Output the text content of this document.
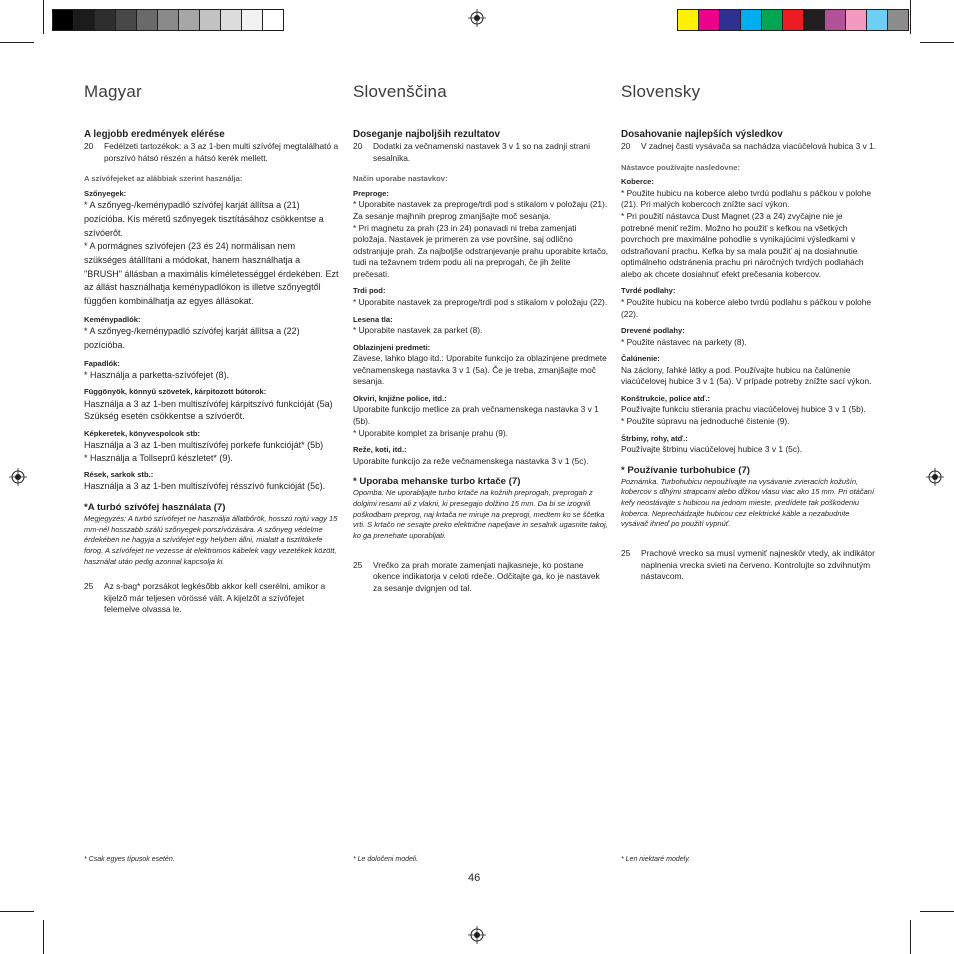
Magyar

A legjobb eredmények elérése

20	Fedélzeti tartozékok: a 3 az 1-ben multi szívófej megtalálható a porszívó hátsó részén a hátsó kerék mellett.

A szívófejeket az alábbiak szerint használja:

Szőnyegek:

* A szőnyeg-/keménypadló szívófej karját állítsa a (21) pozícióba. Kis méretű szőnyegek tisztításához csökkentse a szívóerőt.

* A pormágnes szívófejen (23 és 24) normálisan nem szükséges átállítani a módokat, hanem használhatja a "BRUSH" állásban a maximális kíméletességgel érdekében. Ezt az állást használhatja keménypadlókon is illetve szőnyegtől függően kombinálhatja az egyes állásokat.

Keménypadlók:

* A szőnyeg-/keménypadló szívófej karját állítsa a (22) pozícióba.

Fapadlók:

* Használja a parketta-szívófejet (8).

Függönyök, könnyű szövetek, kárpitozott bútorok:

Használja a 3 az 1-ben multiszívófej kárpitszívó funkcióját (5a)

Szükség esetén csökkentse a szívóerőt.

Képkeretek, könyvespolcok stb:

Használja a 3 az 1-ben multiszívófej porkefe funkcióját* (5b)

* Használja a Tollseprű készletet* (9).

Rések, sarkok stb.:

Használja a 3 az 1-ben multiszívófej résszívó funkcióját (5c).

*A turbó szívófej használata (7)

Megjegyzés: A turbó szívófejet ne használja állatbőrök, hosszú rojtú vagy 15 mm-nél hosszabb szálú szőnyegek porszívózására. A szőnyeg védelme érdekében ne hagyja a szívófejet egy helyben állni, mialatt a tisztítókefe forog. A szívófejet ne vezesse át elektromos kábelek vagy vezetékek között, használat után pedig azonnal kapcsolja ki.

25	Az s-bag* porzsákot legkésőbb akkor kell cserélni, amikor a kijelző már teljesen vörössé vált. A kijelzőt a szívófejet felemelve olvassa le.
Slovenščina

Doseganje najboljših rezultatov

20	Dodatki za večnamenski nastavek 3 v 1 so na zadnji strani sesalnika.

Način uporabe nastavkov:

Preproge:

* Uporabite nastavek za preproge/trdi pod s stikalom v položaju (21). Za sesanje majhnih preprog zmanjšajte moč sesanja.

* Pri magnetu za prah (23 in 24) ponavadi ni treba zamenjati položaja. Nastavek je primeren za vse površine, saj odlično odstranjuje prah. Za najboljše odstranjevanje prahu uporabite krtačo, tudi na težavnem trdem podu ali na preprogah, če jih želite prečesati.

Trdi pod:

* Uporabite nastavek za preproge/trdi pod s stikalom v položaju (22).

Lesena tla:

* Uporabite nastavek za parket (8).

Oblazinjeni predmeti:

Zavese, lahko blago itd.: Uporabite funkcijo za oblazinjene predmete večnamenskega nastavka 3 v 1 (5a). Če je treba, zmanjšajte moč sesanja.

Okviri, knjižne police, itd.:

Uporabite funkcijo metlice za prah večnamenskega nastavka 3 v 1 (5b).

* Uporabite komplet za brisanje prahu (9).

Reže, koti, itd.:

Uporabite funkcijo za reže večnamenskega nastavka 3 v 1 (5c).

* Uporaba mehanske turbo krtače (7)

Opomba: Ne uporabljajte turbo krtače na kožnih preprogah, preprogah z dolgimi resami ali z vlakni, ki presegajo dolžino 15 mm. Da bi se izognili poškodbam preprog, naj krtača ne miruje na preprogi, medtem ko se ščetka vrti. S krtačo ne sesajte preko električne napeljave in sesalnik ugasnite takoj, ko ga prenehate uporabljati.

25	Vrečko za prah morate zamenjati najkasneje, ko postane okence indikatorja v celoti rdeče. Odčitajte ga, ko je nastavek za sesanje dvignjen od tal.
Slovensky

Dosahovanie najlepších výsledkov

20	V zadnej časti vysávača sa nachádza viacúčelová hubica 3 v 1.

Nástavce používajte nasledovne:

Koberce:

* Použite hubicu na koberce alebo tvrdú podlahu s páčkou v polohe (21). Pri malých kobercoch znížte sací výkon.

* Pri použití nástavca Dust Magnet (23 a 24) zvyčajne nie je potrebné meniť režim. Možno ho použiť s kefkou na všetkých povrchoch pre maximálne pohodlie s vynikajúcimi výsledkami v odstraňovaní prachu. Kefka by sa mala použiť aj na dosiahnutie optimálneho odstránenia prachu pri náročných tvrdých podlahách alebo ak chcete dosiahnuť efekt prečesania kobercov.

Tvrdé podlahy:

* Použite hubicu na koberce alebo tvrdú podlahu s páčkou v polohe (22).

Drevené podlahy:

* Použite nástavec na parkety (8).

Čalúnenie:

Na záclony, ľahké látky a pod. Používajte hubicu na čalúnenie viacúčelovej hubice 3 v 1 (5a). V prípade potreby znížte sací výkon.

Konštrukcie, police atď.:

Používajte funkciu stierania prachu viacúčelovej hubice 3 v 1 (5b).

* Použite súpravu na jednoduché čistenie (9).

Štrbiny, rohy, atď.:

Používajte štrbinu viacúčelovej hubice 3 v 1 (5c).

* Používanie turbohubice (7)

Poznámka. Turbohubicu nepoužívajte na vysávanie zvieracích kožušín, kobercov s dlhými strapcami alebo dĺžkou vlasu viac ako 15 mm. Pri otáčaní kefy neostávajte s hubicou na jednom mieste, predídete tak poškodeniu koberca. Neprechádzajte hubicou cez elektrické káble a nezabudnite vysávač ihneď po použití vypnúť.

25	Prachové vrecko sa musí vymeniť najneskôr vtedy, ak indikátor naplnenia vrecka svieti na červeno. Kontrolujte so zdvihnutým nástavcom.
* Csak egyes típusok esetén.	* Le določeni modeli.	* Len niektaré modely.
46
